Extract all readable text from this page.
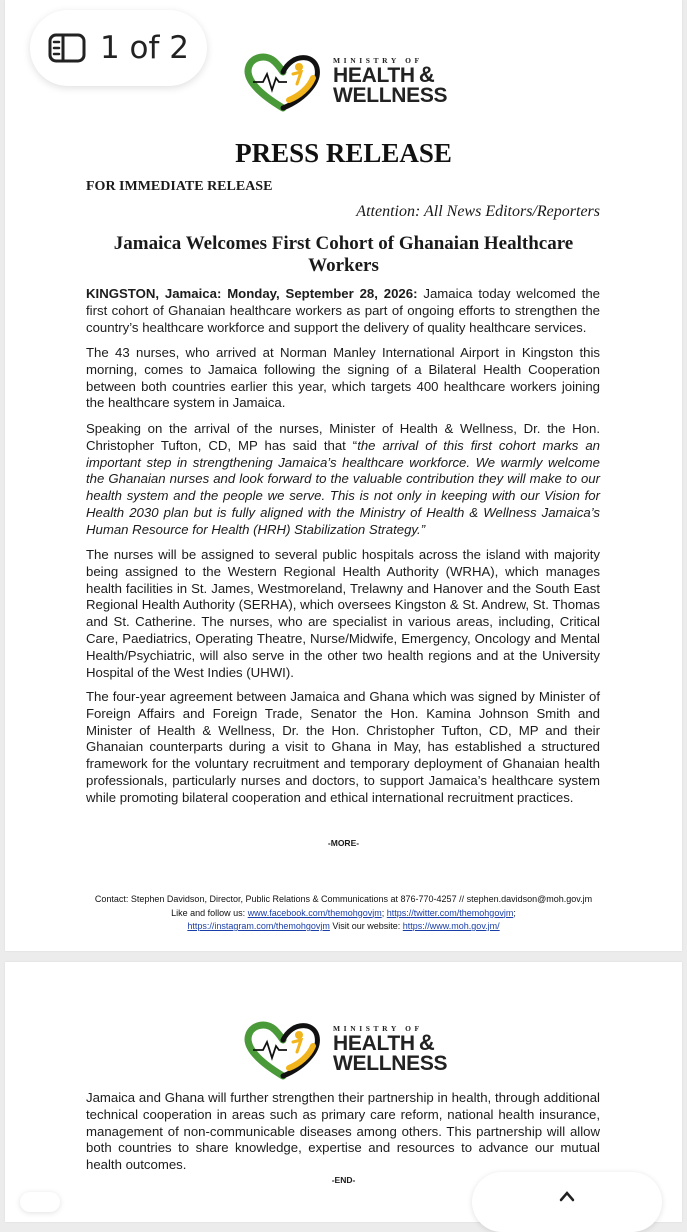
1 of 2	MINISTRY OF
HEALTH &
WELLNESS
PRESS RELEASE
FOR IMMEDIATE RELEASE
Attention: All News Editors/Reporters
Jamaica Welcomes First Cohort of Ghanaian Healthcare Workers
KINGSTON, Jamaica: Monday, September 28, 2026: Jamaica today welcomed the first cohort of Ghanaian healthcare workers as part of ongoing efforts to strengthen the country’s healthcare workforce and support the delivery of quality healthcare services.
The 43 nurses, who arrived at Norman Manley International Airport in Kingston this morning, comes to Jamaica following the signing of a Bilateral Health Cooperation between both countries earlier this year, which targets 400 healthcare workers joining the healthcare system in Jamaica.
Speaking on the arrival of the nurses, Minister of Health & Wellness, Dr. the Hon. Christopher Tufton, CD, MP has said that “the arrival of this first cohort marks an important step in strengthening Jamaica’s healthcare workforce. We warmly welcome the Ghanaian nurses and look forward to the valuable contribution they will make to our health system and the people we serve. This is not only in keeping with our Vision for Health 2030 plan but is fully aligned with the Ministry of Health & Wellness Jamaica’s Human Resource for Health (HRH) Stabilization Strategy.”
The nurses will be assigned to several public hospitals across the island with majority being assigned to the Western Regional Health Authority (WRHA), which manages health facilities in St. James, Westmoreland, Trelawny and Hanover and the South East Regional Health Authority (SERHA), which oversees Kingston & St. Andrew, St. Thomas and St. Catherine. The nurses, who are specialist in various areas, including, Critical Care, Paediatrics, Operating Theatre, Nurse/Midwife, Emergency, Oncology and Mental Health/Psychiatric, will also serve in the other two health regions and at the University Hospital of the West Indies (UHWI).
The four-year agreement between Jamaica and Ghana which was signed by Minister of Foreign Affairs and Foreign Trade, Senator the Hon. Kamina Johnson Smith and Minister of Health & Wellness, Dr. the Hon. Christopher Tufton, CD, MP and their Ghanaian counterparts during a visit to Ghana in May, has established a structured framework for the voluntary recruitment and temporary deployment of Ghanaian health professionals, particularly nurses and doctors, to support Jamaica’s healthcare system while promoting bilateral cooperation and ethical international recruitment practices.
-MORE-
Contact: Stephen Davidson, Director, Public Relations & Communications at 876-770-4257 // stephen.davidson@moh.gov.jm
Like and follow us: www.facebook.com/themohgovjm; https://twitter.com/themohgovjm;
https://instagram.com/themohgovjm Visit our website: https://www.moh.gov.jm/
MINISTRY OF
HEALTH &
WELLNESS
Jamaica and Ghana will further strengthen their partnership in health, through additional technical cooperation in areas such as primary care reform, national health insurance, management of non-communicable diseases among others. This partnership will allow both countries to share knowledge, expertise and resources to advance our mutual health outcomes.
-END-
